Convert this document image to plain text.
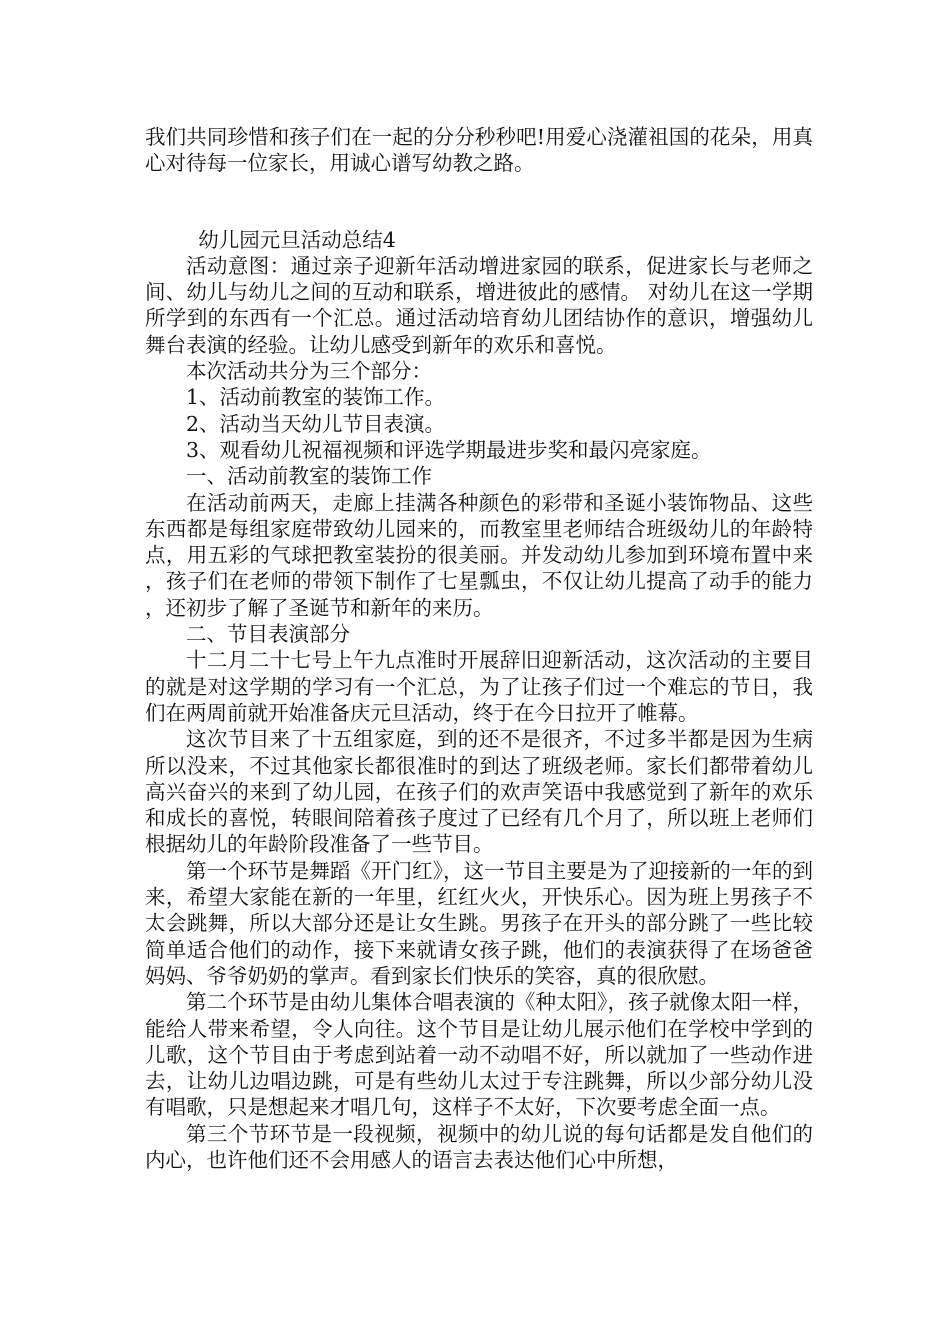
我们共同珍惜和孩子们在一起的分分秒秒吧!用爱心浇灌祖国的花朵，用真心对待每一位家长，用诚心谱写幼教之路。

幼儿园元旦活动总结4

活动意图：通过亲子迎新年活动增进家园的联系，促进家长与老师之间、幼儿与幼儿之间的互动和联系，增进彼此的感情。 对幼儿在这一学期所学到的东西有一个汇总。通过活动培育幼儿团结协作的意识，增强幼儿舞台表演的经验。让幼儿感受到新年的欢乐和喜悦。

本次活动共分为三个部分：

1、活动前教室的装饰工作。

2、活动当天幼儿节目表演。

3、观看幼儿祝福视频和评选学期最进步奖和最闪亮家庭。

一、活动前教室的装饰工作

在活动前两天，走廊上挂满各种颜色的彩带和圣诞小装饰物品、这些东西都是每组家庭带致幼儿园来的，而教室里老师结合班级幼儿的年龄特点，用五彩的气球把教室装扮的很美丽。并发动幼儿参加到环境布置中来，孩子们在老师的带领下制作了七星瓢虫，不仅让幼儿提高了动手的能力，还初步了解了圣诞节和新年的来历。

二、节目表演部分

十二月二十七号上午九点准时开展辞旧迎新活动，这次活动的主要目的就是对这学期的学习有一个汇总，为了让孩子们过一个难忘的节日，我们在两周前就开始准备庆元旦活动，终于在今日拉开了帷幕。

这次节目来了十五组家庭，到的还不是很齐，不过多半都是因为生病所以没来，不过其他家长都很准时的到达了班级老师。家长们都带着幼儿高兴奋兴的来到了幼儿园，在孩子们的欢声笑语中我感觉到了新年的欢乐和成长的喜悦，转眼间陪着孩子度过了已经有几个月了，所以班上老师们根据幼儿的年龄阶段准备了一些节目。

第一个环节是舞蹈《开门红》，这一节目主要是为了迎接新的一年的到来，希望大家能在新的一年里，红红火火，开快乐心。因为班上男孩子不太会跳舞，所以大部分还是让女生跳。男孩子在开头的部分跳了一些比较简单适合他们的动作，接下来就请女孩子跳，他们的表演获得了在场爸爸妈妈、爷爷奶奶的掌声。看到家长们快乐的笑容，真的很欣慰。

第二个环节是由幼儿集体合唱表演的《种太阳》，孩子就像太阳一样，能给人带来希望，令人向往。这个节目是让幼儿展示他们在学校中学到的儿歌，这个节目由于考虑到站着一动不动唱不好，所以就加了一些动作进去，让幼儿边唱边跳，可是有些幼儿太过于专注跳舞，所以少部分幼儿没有唱歌，只是想起来才唱几句，这样子不太好，下次要考虑全面一点。

第三个节环节是一段视频，视频中的幼儿说的每句话都是发自他们的内心，也许他们还不会用感人的语言去表达他们心中所想，
